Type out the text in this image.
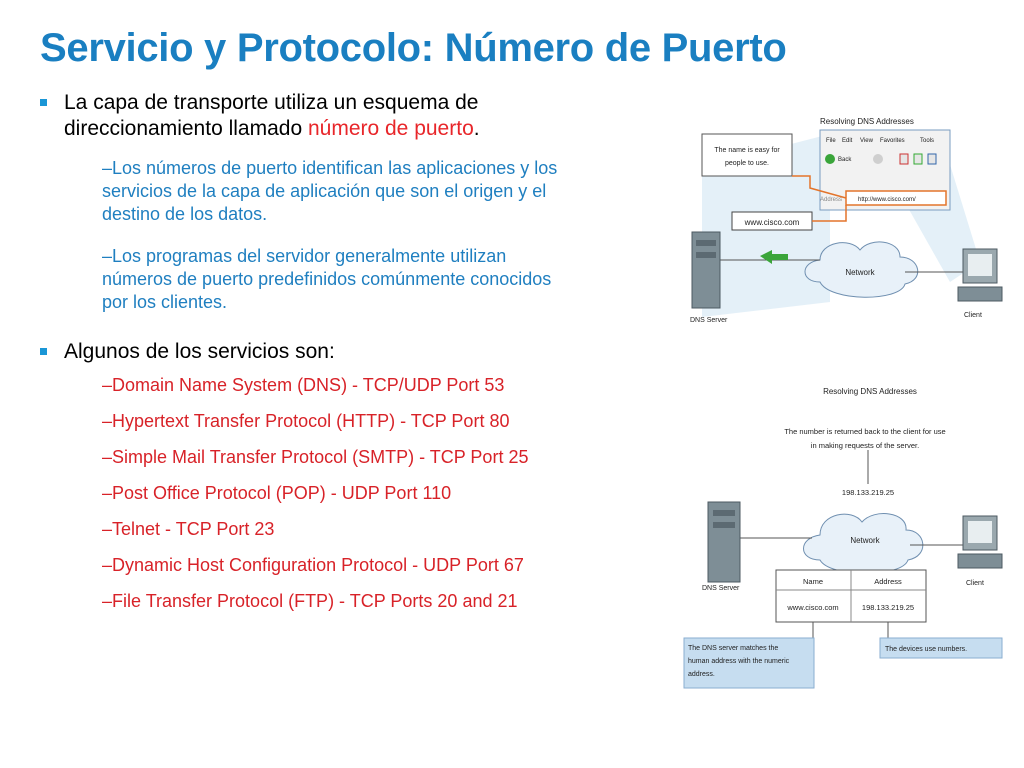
Servicio y Protocolo: Número de Puerto
La capa de transporte utiliza un esquema de
direccionamiento llamado número de puerto.
–Los números de puerto identifican las aplicaciones y los
servicios de la capa de aplicación que son el origen y el
destino de los datos.
–Los programas del servidor generalmente utilizan
números de puerto predefinidos comúnmente conocidos
por los clientes.
Algunos de los servicios son:
–Domain Name System (DNS) - TCP/UDP Port 53
–Hypertext Transfer Protocol (HTTP) - TCP Port 80
–Simple Mail Transfer Protocol (SMTP) - TCP Port 25
–Post Office Protocol (POP) - UDP Port 110
–Telnet - TCP Port 23
–Dynamic Host Configuration Protocol - UDP Port 67
–File Transfer Protocol (FTP) - TCP Ports 20 and 21
Resolving DNS Addresses
File Edit View Favorites	Tools
Back
Address	http://www.cisco.com/
The name is easy for
people to use.
www.cisco.com
Network
DNS Server
Client
Resolving DNS Addresses
The number is returned back to the client for use
in making requests of the server.
198.133.219.25
Network
DNS Server
Client
Name	Address
www.cisco.com	198.133.219.25
The DNS server matches the
human address with the numeric
address.
The devices use numbers.
